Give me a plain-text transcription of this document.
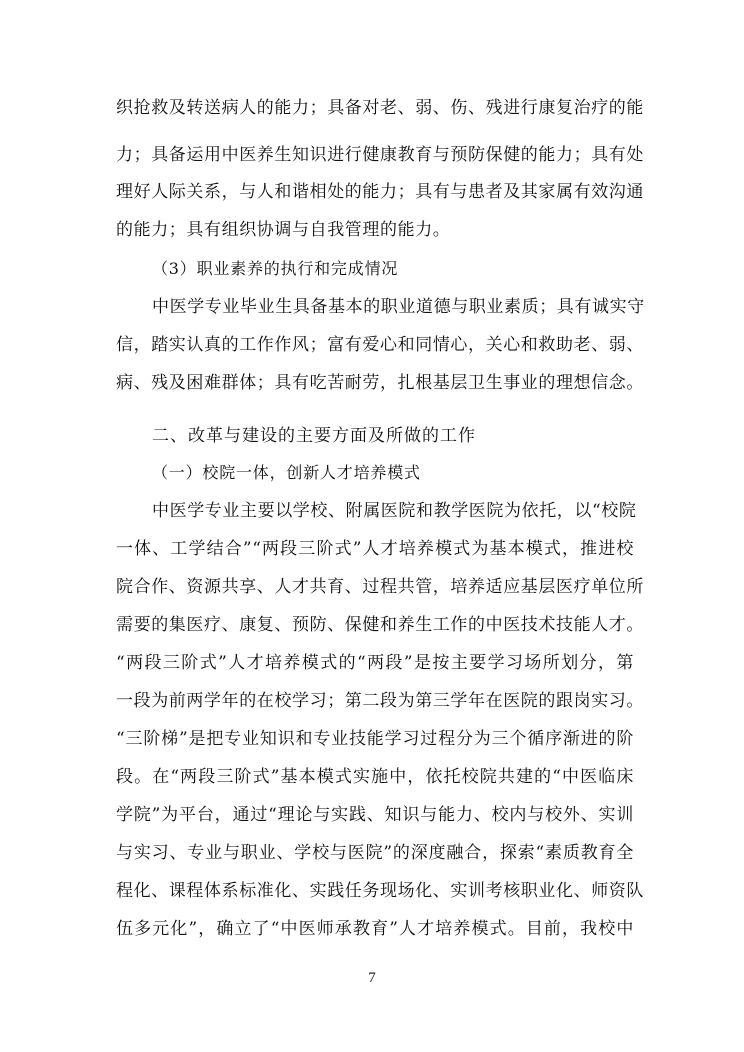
织抢救及转送病人的能力；具备对老、弱、伤、残进行康复治疗的能
力；具备运用中医养生知识进行健康教育与预防保健的能力；具有处
理好人际关系，与人和谐相处的能力；具有与患者及其家属有效沟通
的能力；具有组织协调与自我管理的能力。
（3）职业素养的执行和完成情况
中医学专业毕业生具备基本的职业道德与职业素质；具有诚实守
信，踏实认真的工作作风；富有爱心和同情心，关心和救助老、弱、
病、残及困难群体；具有吃苦耐劳，扎根基层卫生事业的理想信念。
二、改革与建设的主要方面及所做的工作
（一）校院一体，创新人才培养模式
中医学专业主要以学校、附属医院和教学医院为依托，以“校院
一体、工学结合”“两段三阶式”人才培养模式为基本模式，推进校
院合作、资源共享、人才共育、过程共管，培养适应基层医疗单位所
需要的集医疗、康复、预防、保健和养生工作的中医技术技能人才。
“两段三阶式”人才培养模式的“两段”是按主要学习场所划分，第
一段为前两学年的在校学习；第二段为第三学年在医院的跟岗实习。
“三阶梯”是把专业知识和专业技能学习过程分为三个循序渐进的阶
段。在“两段三阶式”基本模式实施中，依托校院共建的“中医临床
学院”为平台，通过“理论与实践、知识与能力、校内与校外、实训
与实习、专业与职业、学校与医院”的深度融合，探索“素质教育全
程化、课程体系标准化、实践任务现场化、实训考核职业化、师资队
伍多元化”，确立了“中医师承教育”人才培养模式。目前，我校中
7
